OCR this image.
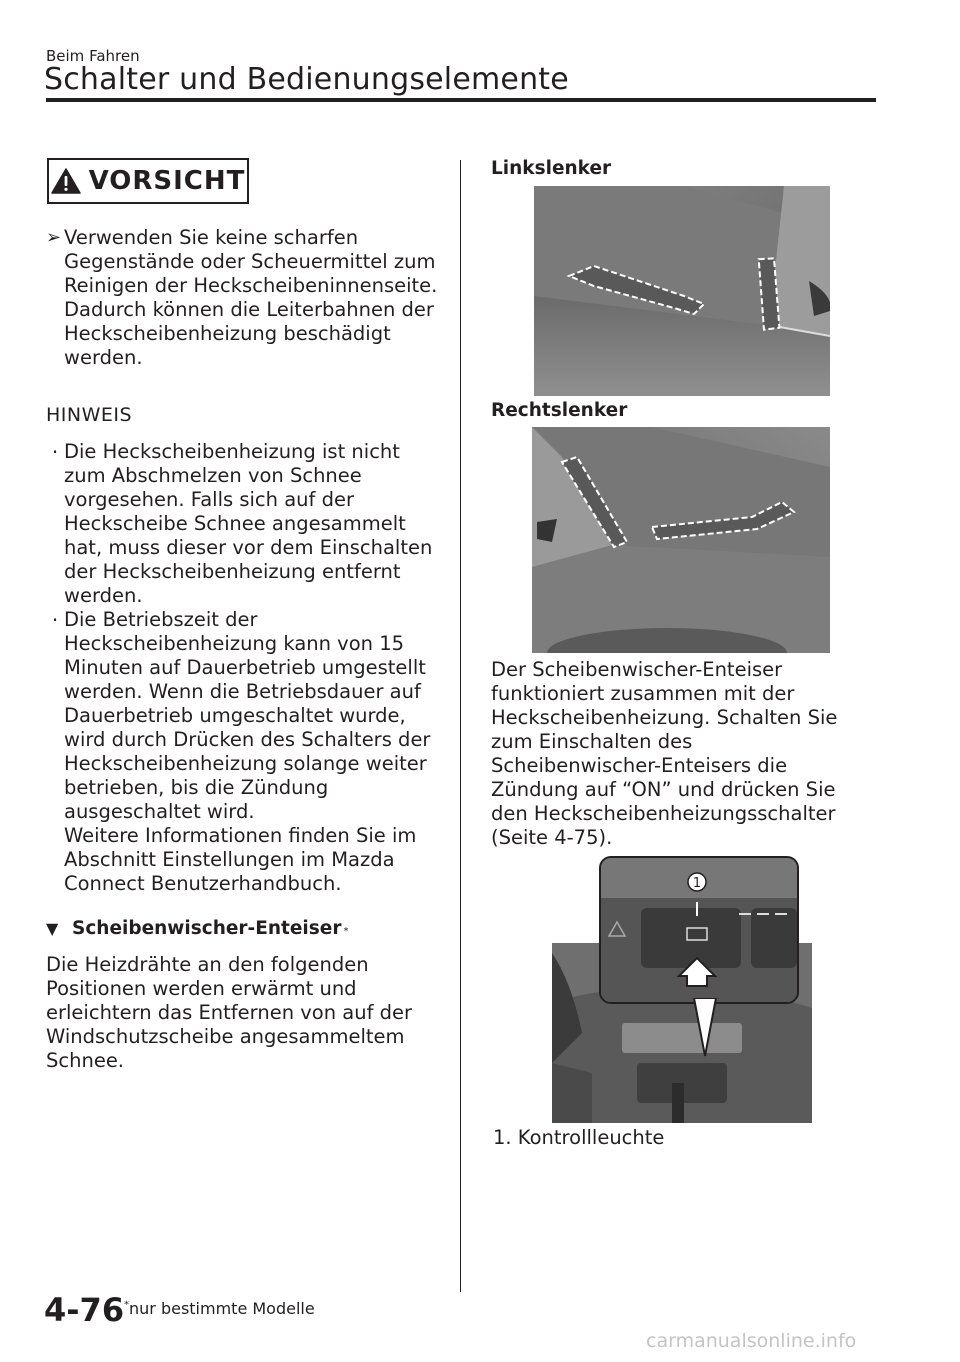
Beim Fahren
Schalter und Bedienungselemente
VORSICHT
➢ Verwenden Sie keine scharfen Gegenstände oder Scheuermittel zum Reinigen der Heckscheibeninnenseite. Dadurch können die Leiterbahnen der Heckscheibenheizung beschädigt werden.

HINWEIS
· Die Heckscheibenheizung ist nicht zum Abschmelzen von Schnee vorgesehen. Falls sich auf der Heckscheibe Schnee angesammelt hat, muss dieser vor dem Einschalten der Heckscheibenheizung entfernt werden.

· Die Betriebszeit der Heckscheibenheizung kann von 15 Minuten auf Dauerbetrieb umgestellt werden. Wenn die Betriebsdauer auf Dauerbetrieb umgeschaltet wurde, wird durch Drücken des Schalters der Heckscheibenheizung solange weiter betrieben, bis die Zündung ausgeschaltet wird.

Weitere Informationen finden Sie im Abschnitt Einstellungen im Mazda Connect Benutzerhandbuch.

▼ Scheibenwischer-Enteiser *

Die Heizdrähte an den folgenden Positionen werden erwärmt und erleichtern das Entfernen von auf der Windschutzscheibe angesammeltem Schnee.

Linkslenker
Rechtslenker

Der Scheibenwischer-Enteiser funktioniert zusammen mit der Heckscheibenheizung. Schalten Sie zum Einschalten des Scheibenwischer-Enteisers die Zündung auf “ON” und drücken Sie den Heckscheibenheizungsschalter (Seite 4-75).

1. Kontrollleuchte
1
4-76 *nur bestimmte Modelle
carmanualsonline.info
